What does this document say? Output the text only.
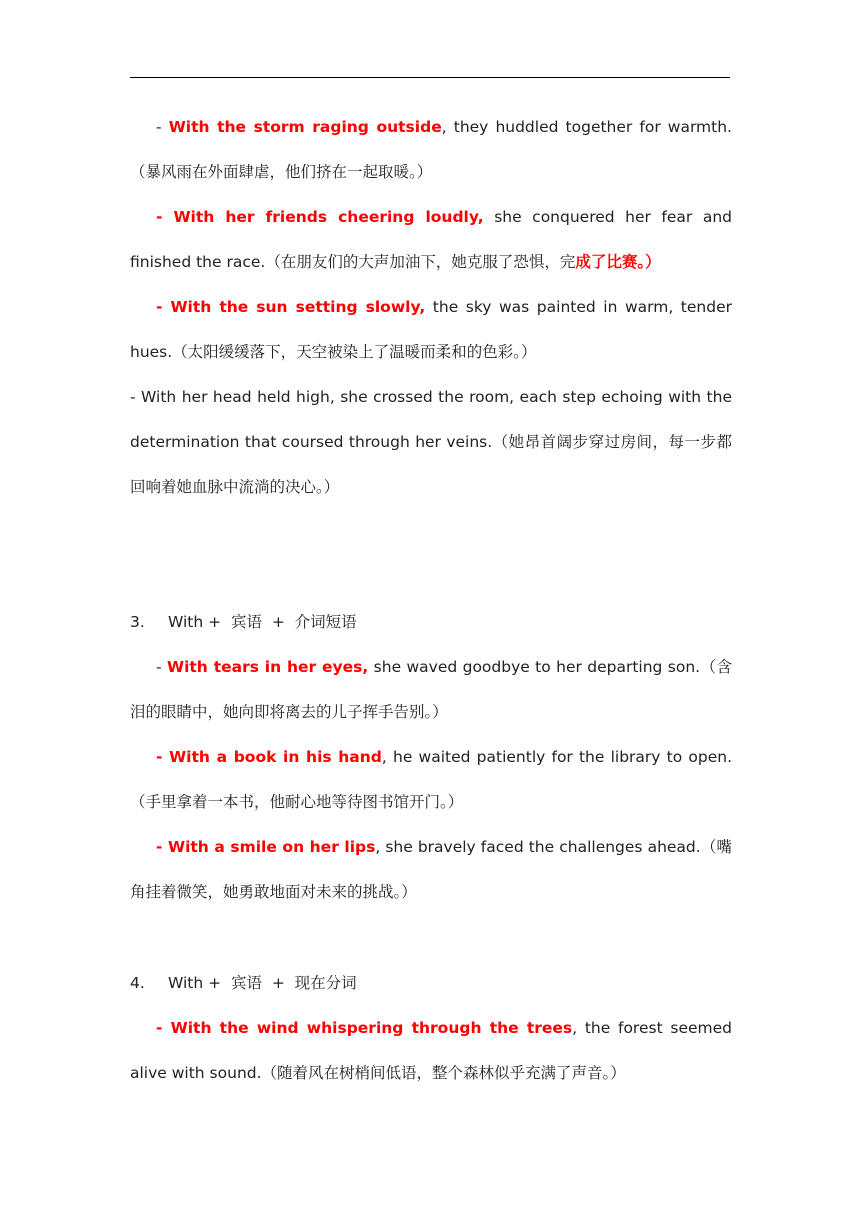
- With the storm raging outside, they huddled together for warmth.（暴风雨在外面肆虐，他们挤在一起取暖。）

- With her friends cheering loudly, she conquered her fear and finished the race.（在朋友们的大声加油下，她克服了恐惧，完成了比赛。）

- With the sun setting slowly, the sky was painted in warm, tender hues.（太阳缓缓落下，天空被染上了温暖而柔和的色彩。）

- With her head held high, she crossed the room, each step echoing with the determination that coursed through her veins.（她昂首阔步穿过房间，每一步都回响着她血脉中流淌的决心。）

3. With +  宾语  +  介词短语

- With tears in her eyes, she waved goodbye to her departing son.（含泪的眼睛中，她向即将离去的儿子挥手告别。）

- With a book in his hand, he waited patiently for the library to open.（手里拿着一本书，他耐心地等待图书馆开门。）

- With a smile on her lips, she bravely faced the challenges ahead.（嘴角挂着微笑，她勇敢地面对未来的挑战。）

4. With +  宾语  +  现在分词

- With the wind whispering through the trees, the forest seemed alive with sound.（随着风在树梢间低语，整个森林似乎充满了声音。）
